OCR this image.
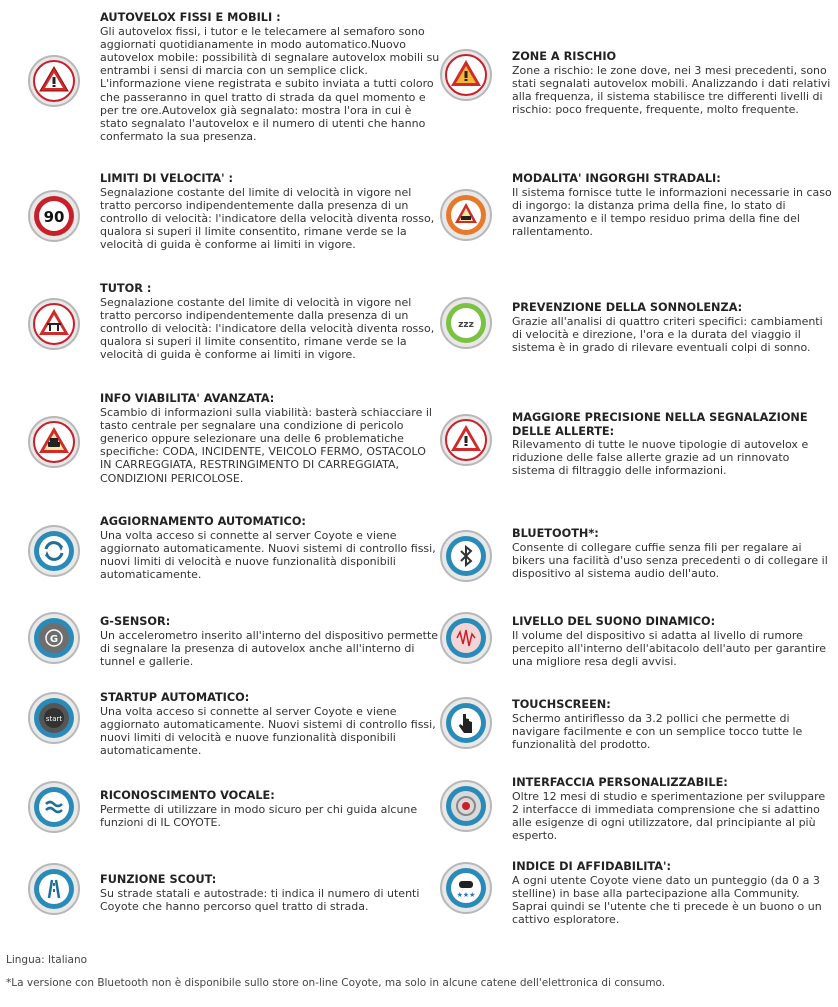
AUTOVELOX FISSI E MOBILI :
Gli autovelox fissi, i tutor e le telecamere al semaforo sono aggiornati quotidianamente in modo automatico.Nuovo autovelox mobile: possibilità di segnalare autovelox mobili su entrambi i sensi di marcia con un semplice click. L'informazione viene registrata e subito inviata a tutti coloro che passeranno in quel tratto di strada da quel momento e per tre ore.Autovelox già segnalato: mostra l'ora in cui è stato segnalato l'autovelox e il numero di utenti che hanno confermato la sua presenza.
90
LIMITI DI VELOCITA' :
Segnalazione costante del limite di velocità in vigore nel tratto percorso indipendentemente dalla presenza di un controllo di velocità: l'indicatore della velocità diventa rosso, qualora si superi il limite consentito, rimane verde se la velocità di guida è conforme ai limiti in vigore.
TUTOR :
Segnalazione costante del limite di velocità in vigore nel tratto percorso indipendentemente dalla presenza di un controllo di velocità: l'indicatore della velocità diventa rosso, qualora si superi il limite consentito, rimane verde se la velocità di guida è conforme ai limiti in vigore.
INFO VIABILITA' AVANZATA:
Scambio di informazioni sulla viabilità: basterà schiacciare il tasto centrale per segnalare una condizione di pericolo generico oppure selezionare una delle 6 problematiche specifiche: CODA, INCIDENTE, VEICOLO FERMO, OSTACOLO IN CARREGGIATA, RESTRINGIMENTO DI CARREGGIATA, CONDIZIONI PERICOLOSE.
AGGIORNAMENTO AUTOMATICO:
Una volta acceso si connette al server Coyote e viene aggiornato automaticamente. Nuovi sistemi di controllo fissi, nuovi limiti di velocità e nuove funzionalità disponibili automaticamente.
G
G-SENSOR:
Un accelerometro inserito all'interno del dispositivo permette di segnalare la presenza di autovelox anche all'interno di tunnel e gallerie.
start
STARTUP AUTOMATICO:
Una volta acceso si connette al server Coyote e viene aggiornato automaticamente. Nuovi sistemi di controllo fissi, nuovi limiti di velocità e nuove funzionalità disponibili automaticamente.
RICONOSCIMENTO VOCALE:
Permette di utilizzare in modo sicuro per chi guida alcune funzioni di IL COYOTE.
FUNZIONE SCOUT:
Su strade statali e autostrade: ti indica il numero di utenti Coyote che hanno percorso quel tratto di strada.
ZONE A RISCHIO
Zone a rischio: le zone dove, nei 3 mesi precedenti, sono stati segnalati autovelox mobili. Analizzando i dati relativi alla frequenza, il sistema stabilisce tre differenti livelli di rischio: poco frequente, frequente, molto frequente.
MODALITA' INGORGHI STRADALI:
Il sistema fornisce tutte le informazioni necessarie in caso di ingorgo: la distanza prima della fine, lo stato di avanzamento e il tempo residuo prima della fine del rallentamento.
zzz
PREVENZIONE DELLA SONNOLENZA:
Grazie all'analisi di quattro criteri specifici: cambiamenti di velocità e direzione, l'ora e la durata del viaggio il sistema è in grado di rilevare eventuali colpi di sonno.
MAGGIORE PRECISIONE NELLA SEGNALAZIONE DELLE ALLERTE:
Rilevamento di tutte le nuove tipologie di autovelox e riduzione delle false allerte grazie ad un rinnovato sistema di filtraggio delle informazioni.
BLUETOOTH*:
Consente di collegare cuffie senza fili per regalare ai bikers una facilità d'uso senza precedenti o di collegare il dispositivo al sistema audio dell'auto.
LIVELLO DEL SUONO DINAMICO:
Il volume del dispositivo si adatta al livello di rumore percepito all'interno dell'abitacolo dell'auto per garantire una migliore resa degli avvisi.
TOUCHSCREEN:
Schermo antiriflesso da 3.2 pollici che permette di navigare facilmente e con un semplice tocco tutte le funzionalità del prodotto.
INTERFACCIA PERSONALIZZABILE:
Oltre 12 mesi di studio e sperimentazione per sviluppare 2 interfacce di immediata comprensione che si adattino alle esigenze di ogni utilizzatore, dal principiante al più esperto.
★★★
INDICE DI AFFIDABILITA':
A ogni utente Coyote viene dato un punteggio (da 0 a 3 stelline) in base alla partecipazione alla Community. Saprai quindi se l'utente che ti precede è un buono o un cattivo esploratore.
Lingua: Italiano
*La versione con Bluetooth non è disponibile sullo store on-line Coyote, ma solo in alcune catene dell'elettronica di consumo.
